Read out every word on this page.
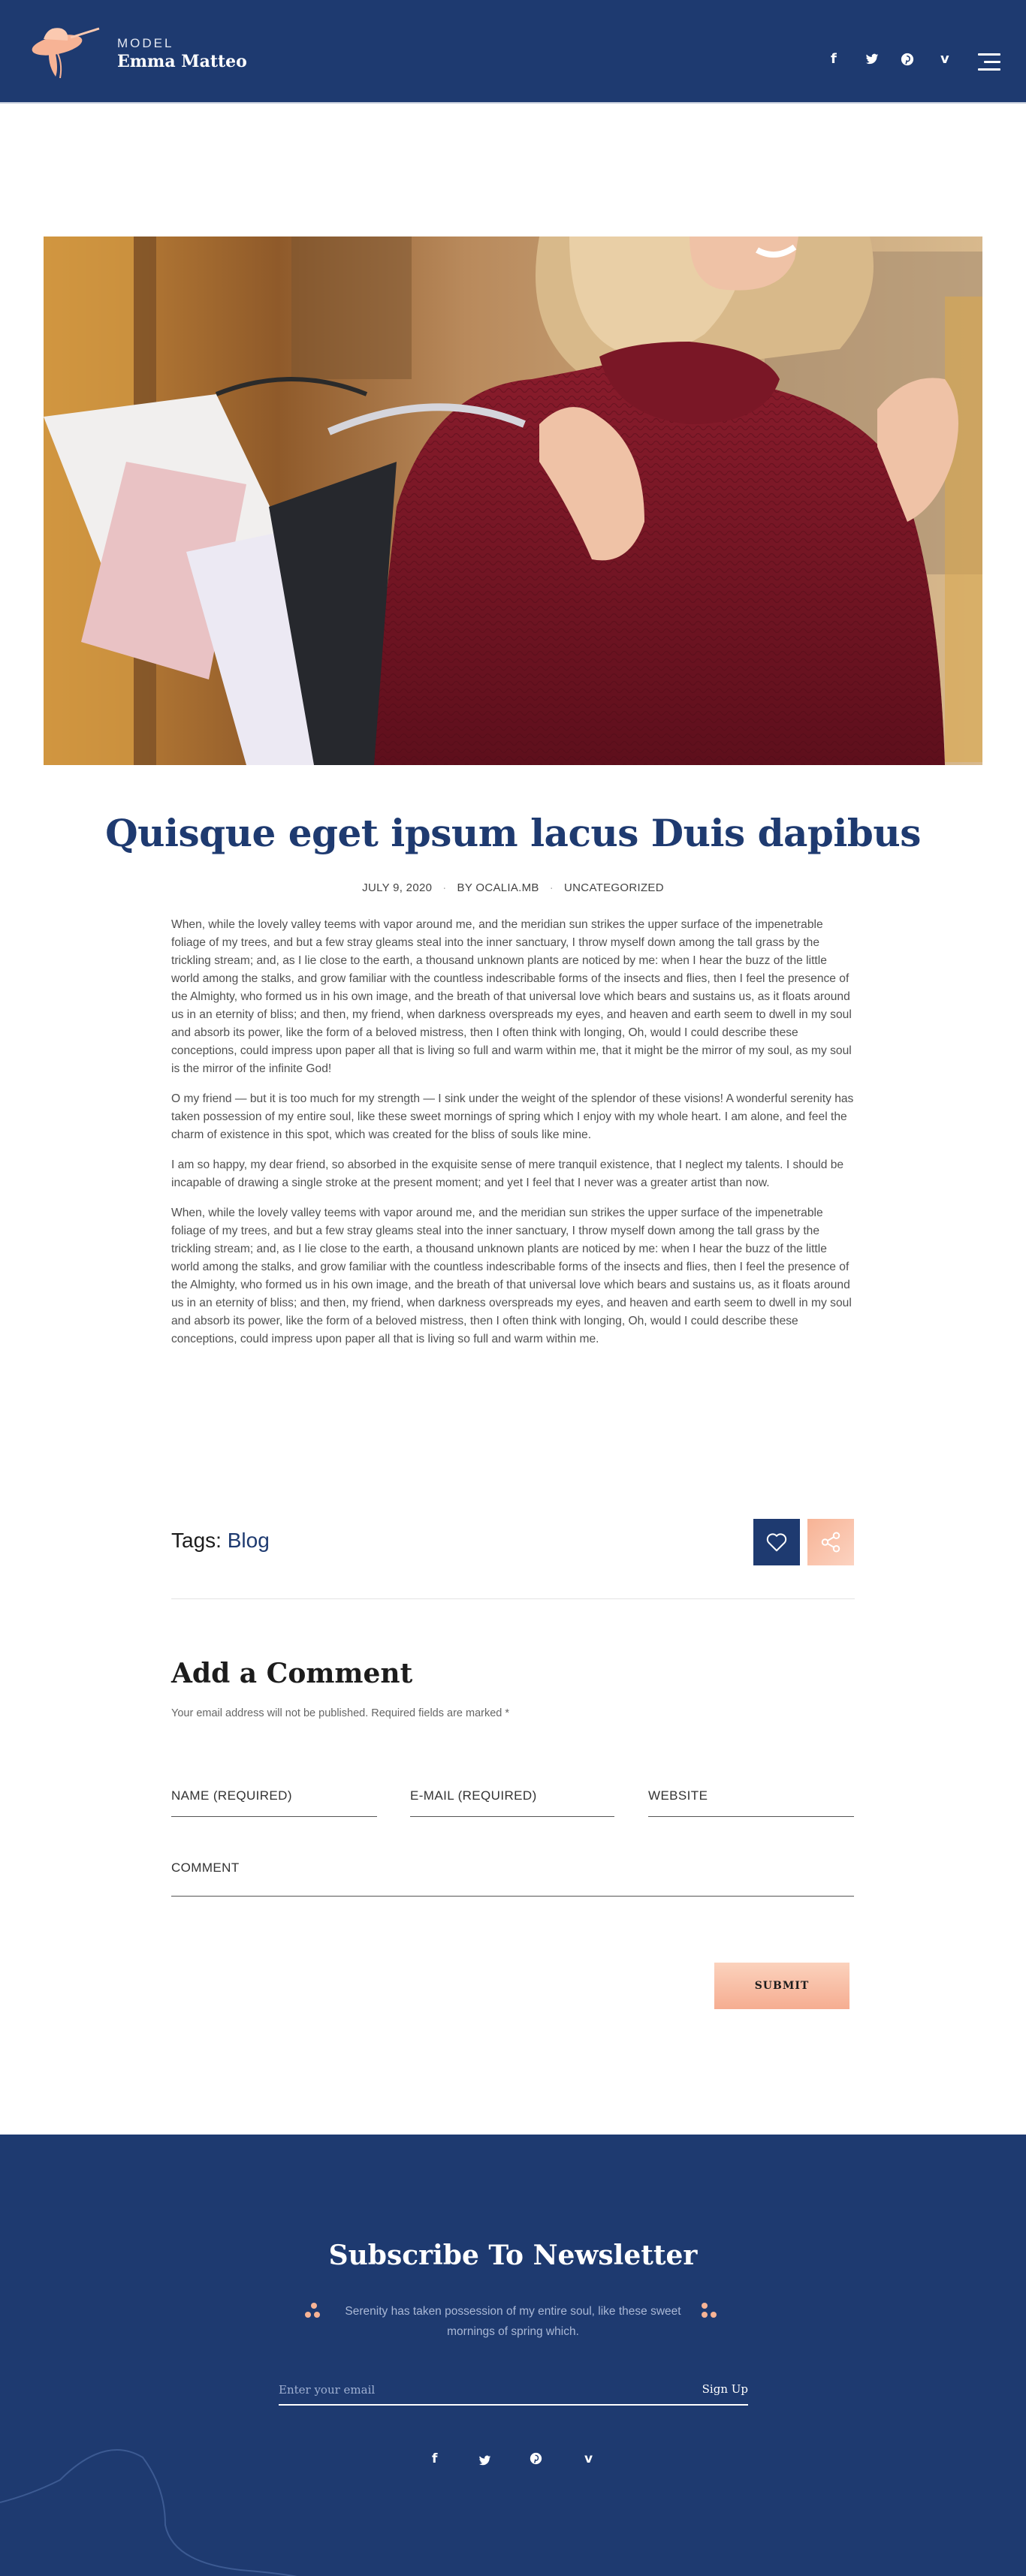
MODEL
Emma Matteo	f	v
Quisque eget ipsum lacus Duis dapibus
JULY 9, 2020 · BY OCALIA.MB · UNCATEGORIZED

When, while the lovely valley teems with vapor around me, and the meridian sun strikes the upper surface of the impenetrable foliage of my trees, and but a few stray gleams steal into the inner sanctuary, I throw myself down among the tall grass by the trickling stream; and, as I lie close to the earth, a thousand unknown plants are noticed by me: when I hear the buzz of the little world among the stalks, and grow familiar with the countless indescribable forms of the insects and flies, then I feel the presence of the Almighty, who formed us in his own image, and the breath of that universal love which bears and sustains us, as it floats around us in an eternity of bliss; and then, my friend, when darkness overspreads my eyes, and heaven and earth seem to dwell in my soul and absorb its power, like the form of a beloved mistress, then I often think with longing, Oh, would I could describe these conceptions, could impress upon paper all that is living so full and warm within me, that it might be the mirror of my soul, as my soul is the mirror of the infinite God!

O my friend — but it is too much for my strength — I sink under the weight of the splendor of these visions! A wonderful serenity has taken possession of my entire soul, like these sweet mornings of spring which I enjoy with my whole heart. I am alone, and feel the charm of existence in this spot, which was created for the bliss of souls like mine.

I am so happy, my dear friend, so absorbed in the exquisite sense of mere tranquil existence, that I neglect my talents. I should be incapable of drawing a single stroke at the present moment; and yet I feel that I never was a greater artist than now.

When, while the lovely valley teems with vapor around me, and the meridian sun strikes the upper surface of the impenetrable foliage of my trees, and but a few stray gleams steal into the inner sanctuary, I throw myself down among the tall grass by the trickling stream; and, as I lie close to the earth, a thousand unknown plants are noticed by me: when I hear the buzz of the little world among the stalks, and grow familiar with the countless indescribable forms of the insects and flies, then I feel the presence of the Almighty, who formed us in his own image, and the breath of that universal love which bears and sustains us, as it floats around us in an eternity of bliss; and then, my friend, when darkness overspreads my eyes, and heaven and earth seem to dwell in my soul and absorb its power, like the form of a beloved mistress, then I often think with longing, Oh, would I could describe these conceptions, could impress upon paper all that is living so full and warm within me.

Tags: Blog
Add a Comment

Your email address will not be published. Required fields are marked *

NAME (REQUIRED)
E-MAIL (REQUIRED)
WEBSITE
COMMENT
SUBMIT
Subscribe To Newsletter

Serenity has taken possession of my entire soul, like these sweet mornings of spring which.

Enter your email
Sign Up
f	v
